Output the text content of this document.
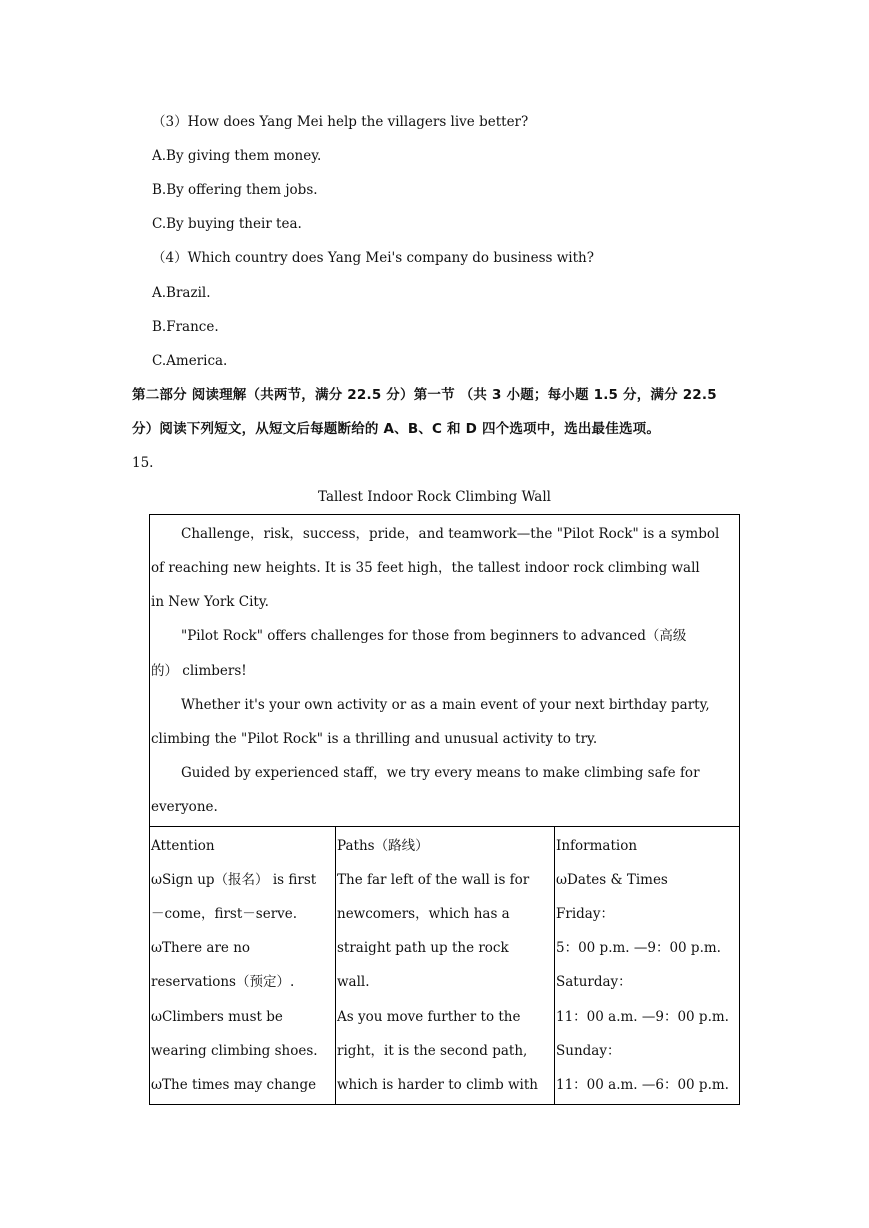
（3）How does Yang Mei help the villagers live better?
A.By giving them money.
B.By offering them jobs.
C.By buying their tea.
（4）Which country does Yang Mei's company do business with?
A.Brazil.
B.France.
C.America.
第二部分 阅读理解（共两节，满分 22.5 分）第一节 （共 3 小题；每小题 1.5 分，满分 22.5
分）阅读下列短文，从短文后每题断给的 A、B、C 和 D 四个选项中，选出最佳选项。
15.
Tallest Indoor Rock Climbing Wall
Challenge，risk，success，pride，and teamwork—the "Pilot Rock" is a symbol
of reaching new heights. It is 35 feet high，the tallest indoor rock climbing wall
in New York City.
"Pilot Rock" offers challenges for those from beginners to advanced（高级
的） climbers!
Whether it's your own activity or as a main event of your next birthday party,
climbing the "Pilot Rock" is a thrilling and unusual activity to try.
Guided by experienced staff，we try every means to make climbing safe for
everyone.
Attention
ωSign up（报名） is first
－come，first－serve.
ωThere are no
reservations（预定）.
ωClimbers must be
wearing climbing shoes.
ωThe times may change
Paths（路线）
The far left of the wall is for
newcomers，which has a
straight path up the rock
wall.
As you move further to the
right，it is the second path,
which is harder to climb with
Information
ωDates & Times
Friday：
5：00 p.m. —9：00 p.m.
Saturday：
11：00 a.m. —9：00 p.m.
Sunday：
11：00 a.m. —6：00 p.m.
